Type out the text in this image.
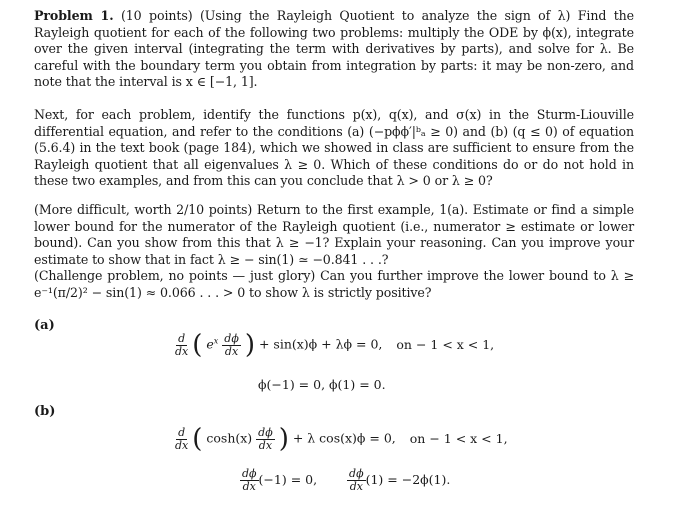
Problem 1. (10 points) (Using the Rayleigh Quotient to analyze the sign of λ) Find the Rayleigh quotient for each of the following two problems: multiply the ODE by ϕ(x), integrate over the given interval (integrating the term with derivatives by parts), and solve for λ. Be careful with the boundary term you obtain from integration by parts: it may be non-zero, and note that the interval is x ∈ [−1, 1].

Next, for each problem, identify the functions p(x), q(x), and σ(x) in the Sturm-Liouville differential equation, and refer to the conditions (a) (−pϕϕ′|ᵇₐ ≥ 0) and (b) (q ≤ 0) of equation (5.6.4) in the text book (page 184), which we showed in class are sufficient to ensure from the Rayleigh quotient that all eigenvalues λ ≥ 0. Which of these conditions do or do not hold in these two examples, and from this can you conclude that λ > 0 or λ ≥ 0?

(More difficult, worth 2/10 points) Return to the first example, 1(a). Estimate or find a simple lower bound for the numerator of the Rayleigh quotient (i.e., numerator ≥ estimate or lower bound). Can you show from this that λ ≥ −1? Explain your reasoning. Can you improve your estimate to show that in fact λ ≥ − sin(1) ≃ −0.841 . . .?

(Challenge problem, no points — just glory) Can you further improve the lower bound to λ ≥ e⁻¹(π/2)² − sin(1) ≈ 0.066 . . . > 0 to show λ is strictly positive?

(a)
$\frac{d}{dx}$ ( $e^x \frac{d\phi}{dx}$ ) + sin(x)ϕ + λϕ = 0, on − 1 < x < 1,
ϕ(−1) = 0, ϕ(1) = 0.
(b)
$\frac{d}{dx}$ ( $\cosh(x) \frac{d\phi}{dx}$ ) + λ cos(x)ϕ = 0, on − 1 < x < 1,
$\frac{d\phi}{dx} (-1) = 0$,	$\frac{d\phi}{dx} (1) = -2\phi(1)$.
